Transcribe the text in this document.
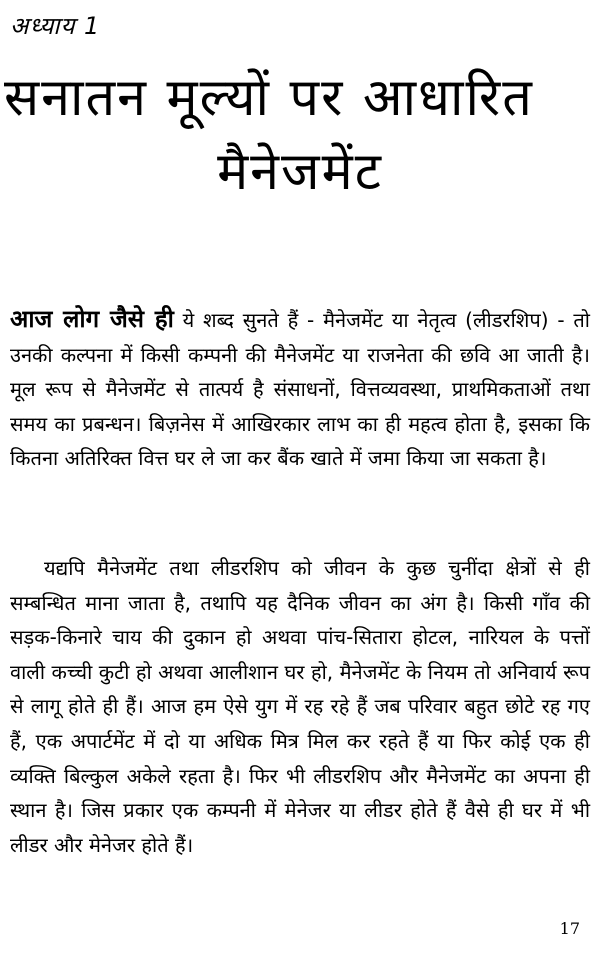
अध्याय 1
सनातन मूल्यों पर आधारित
मैनेजमेंट

आज लोग जैसे ही ये शब्द सुनते हैं - मैनेजमेंट या नेतृत्व (लीडरशिप) - तो उनकी कल्पना में किसी कम्पनी की मैनेजमेंट या राजनेता की छवि आ जाती है। मूल रूप से मैनेजमेंट से तात्पर्य है संसाधनों, वित्तव्यवस्था, प्राथमिकताओं तथा समय का प्रबन्धन। बिज़नेस में आखिरकार लाभ का ही महत्व होता है, इसका कि कितना अतिरिक्त वित्त घर ले जा कर बैंक खाते में जमा किया जा सकता है।

यद्यपि मैनेजमेंट तथा लीडरशिप को जीवन के कुछ चुनींदा क्षेत्रों से ही सम्बन्धित माना जाता है, तथापि यह दैनिक जीवन का अंग है। किसी गाँव की सड़क-किनारे चाय की दुकान हो अथवा पांच-सितारा होटल, नारियल के पत्तों वाली कच्ची कुटी हो अथवा आलीशान घर हो, मैनेजमेंट के नियम तो अनिवार्य रूप से लागू होते ही हैं। आज हम ऐसे युग में रह रहे हैं जब परिवार बहुत छोटे रह गए हैं, एक अपार्टमेंट में दो या अधिक मित्र मिल कर रहते हैं या फिर कोई एक ही व्यक्ति बिल्कुल अकेले रहता है। फिर भी लीडरशिप और मैनेजमेंट का अपना ही स्थान है। जिस प्रकार एक कम्पनी में मेनेजर या लीडर होते हैं वैसे ही घर में भी लीडर और मेनेजर होते हैं।

17
